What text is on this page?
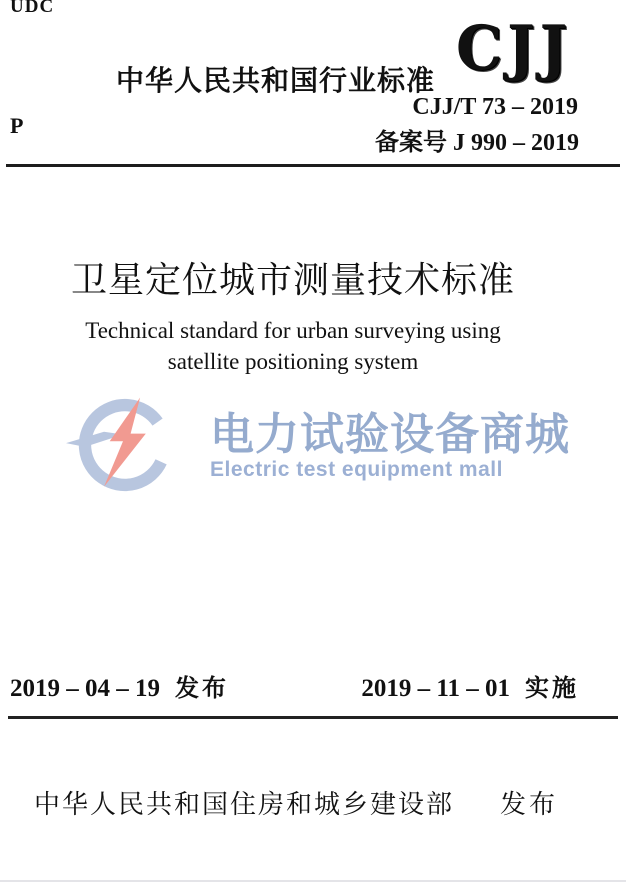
UDC
中华人民共和国行业标准 CJJ
CJJ/T 73 – 2019
P
备案号 J 990 – 2019
卫星定位城市测量技术标准
Technical standard for urban surveying using
satellite positioning system
电力试验设备商城
Electric test equipment mall
2019 – 04 – 19 发布	2019 – 11 – 01 实施
中华人民共和国住房和城乡建设部 发布
